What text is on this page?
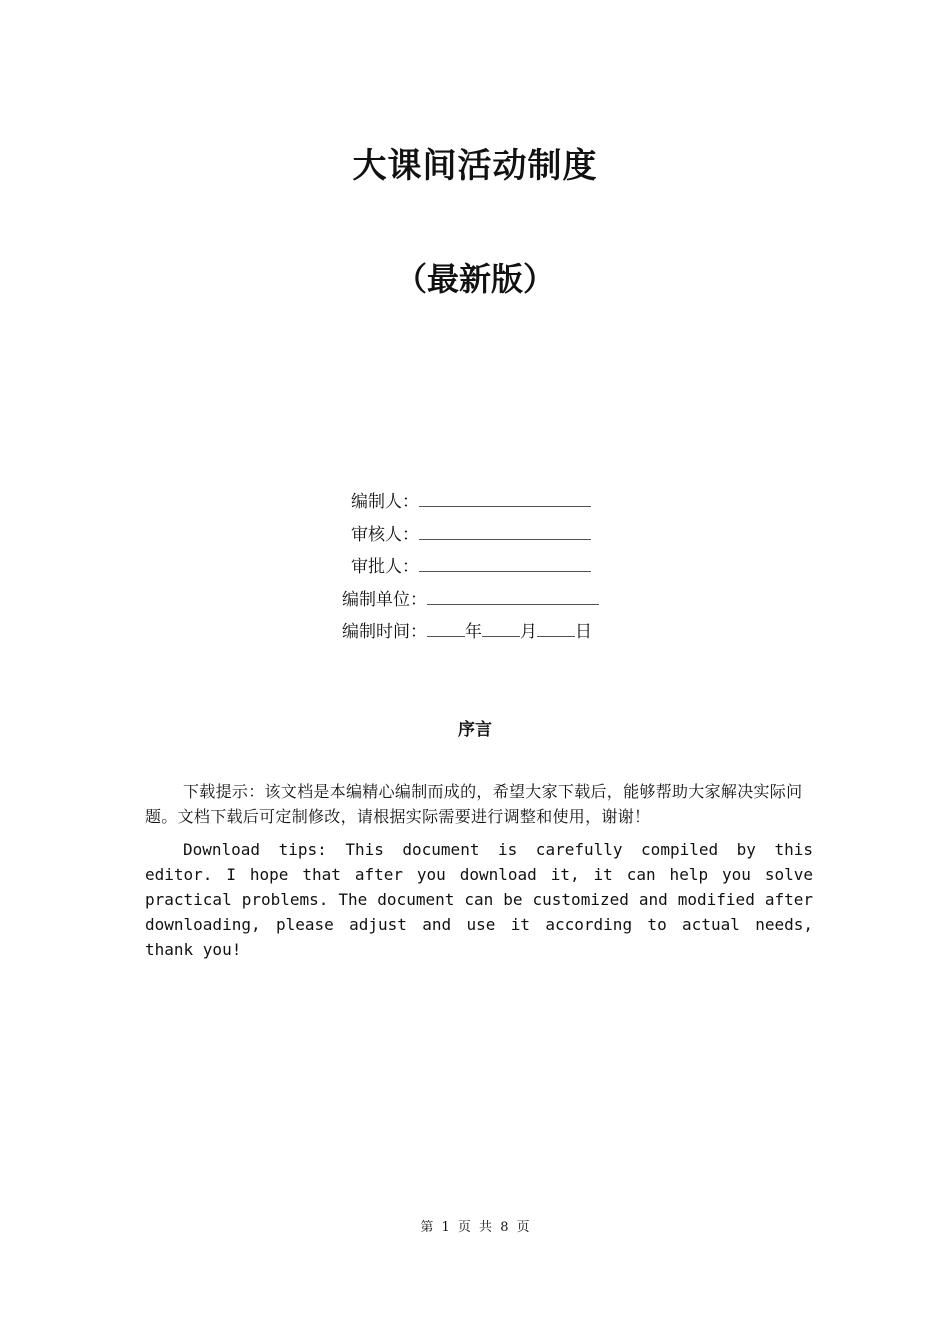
大课间活动制度
（最新版）
编制人：
审核人：
审批人：
编制单位：
编制时间： 年 月 日
序言
下载提示：该文档是本编精心编制而成的，希望大家下载后，能够帮助大家解决实际问题。文档下载后可定制修改，请根据实际需要进行调整和使用，谢谢！
Download tips: This document is carefully compiled by this editor. I hope that after you download it, it can help you solve practical problems. The document can be customized and modified after downloading, please adjust and use it according to actual needs, thank you!
第 1 页 共 8 页
